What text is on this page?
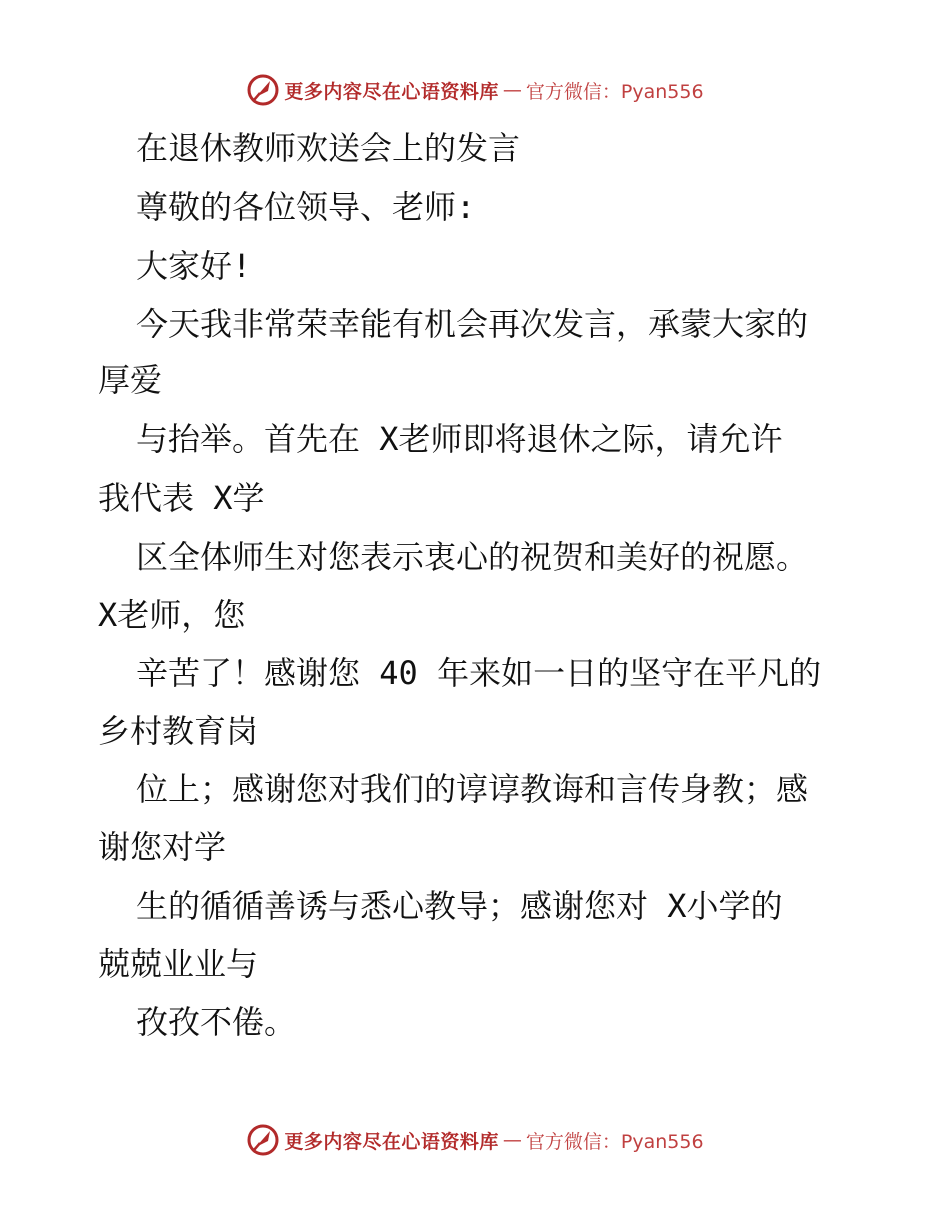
更多内容尽在心语资料库 — 官方微信：Pyan556
在退休教师欢送会上的发言
尊敬的各位领导、老师:
大家好!
今天我非常荣幸能有机会再次发言，承蒙大家的
厚爱
与抬举。首先在 X老师即将退休之际，请允许
我代表 X学
区全体师生对您表示衷心的祝贺和美好的祝愿。
X老师，您
辛苦了！感谢您 40 年来如一日的坚守在平凡的
乡村教育岗
位上；感谢您对我们的谆谆教诲和言传身教；感
谢您对学
生的循循善诱与悉心教导；感谢您对 X小学的
兢兢业业与
孜孜不倦。
更多内容尽在心语资料库 — 官方微信：Pyan556
